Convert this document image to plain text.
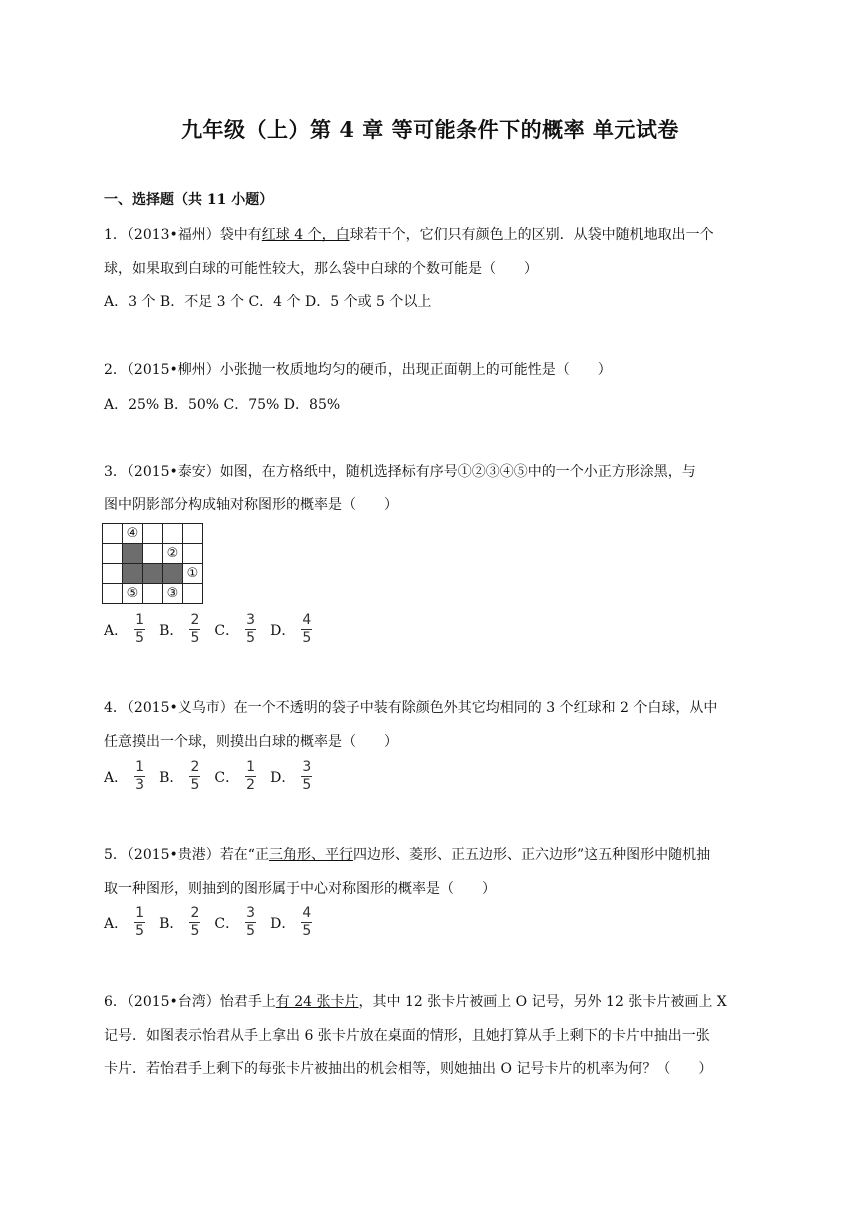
九年级（上）第 4 章 等可能条件下的概率 单元试卷
一、选择题（共 11 小题）
1．（2013•福州）袋中有红球 4 个，白球若干个，它们只有颜色上的区别．从袋中随机地取出一个
球，如果取到白球的可能性较大，那么袋中白球的个数可能是（　　）
A．3 个 B．不足 3 个 C．4 个 D．5 个或 5 个以上
2．（2015•柳州）小张抛一枚质地均匀的硬币，出现正面朝上的可能性是（　　）
A．25% B．50% C．75% D．85%
3．（2015•泰安）如图，在方格纸中，随机选择标有序号①②③④⑤中的一个小正方形涂黑，与
图中阴影部分构成轴对称图形的概率是（　　）
	④			
			②	
				①
	⑤		③	
A． $\frac{1}{5}$ B． $\frac{2}{5}$ C． $\frac{3}{5}$ D． $\frac{4}{5}$
4．（2015•义乌市）在一个不透明的袋子中装有除颜色外其它均相同的 3 个红球和 2 个白球，从中
任意摸出一个球，则摸出白球的概率是（　　）
A． $\frac{1}{3}$ B． $\frac{2}{5}$ C． $\frac{1}{2}$ D． $\frac{3}{5}$
5．（2015•贵港）若在“正三角形、平行四边形、菱形、正五边形、正六边形”这五种图形中随机抽
取一种图形，则抽到的图形属于中心对称图形的概率是（　　）
A． $\frac{1}{5}$ B． $\frac{2}{5}$ C． $\frac{3}{5}$ D． $\frac{4}{5}$
6．（2015•台湾）怡君手上有 24 张卡片，其中 12 张卡片被画上 O 记号，另外 12 张卡片被画上 X
记号．如图表示怡君从手上拿出 6 张卡片放在桌面的情形，且她打算从手上剩下的卡片中抽出一张
卡片．若怡君手上剩下的每张卡片被抽出的机会相等，则她抽出 O 记号卡片的机率为何？（　　）
